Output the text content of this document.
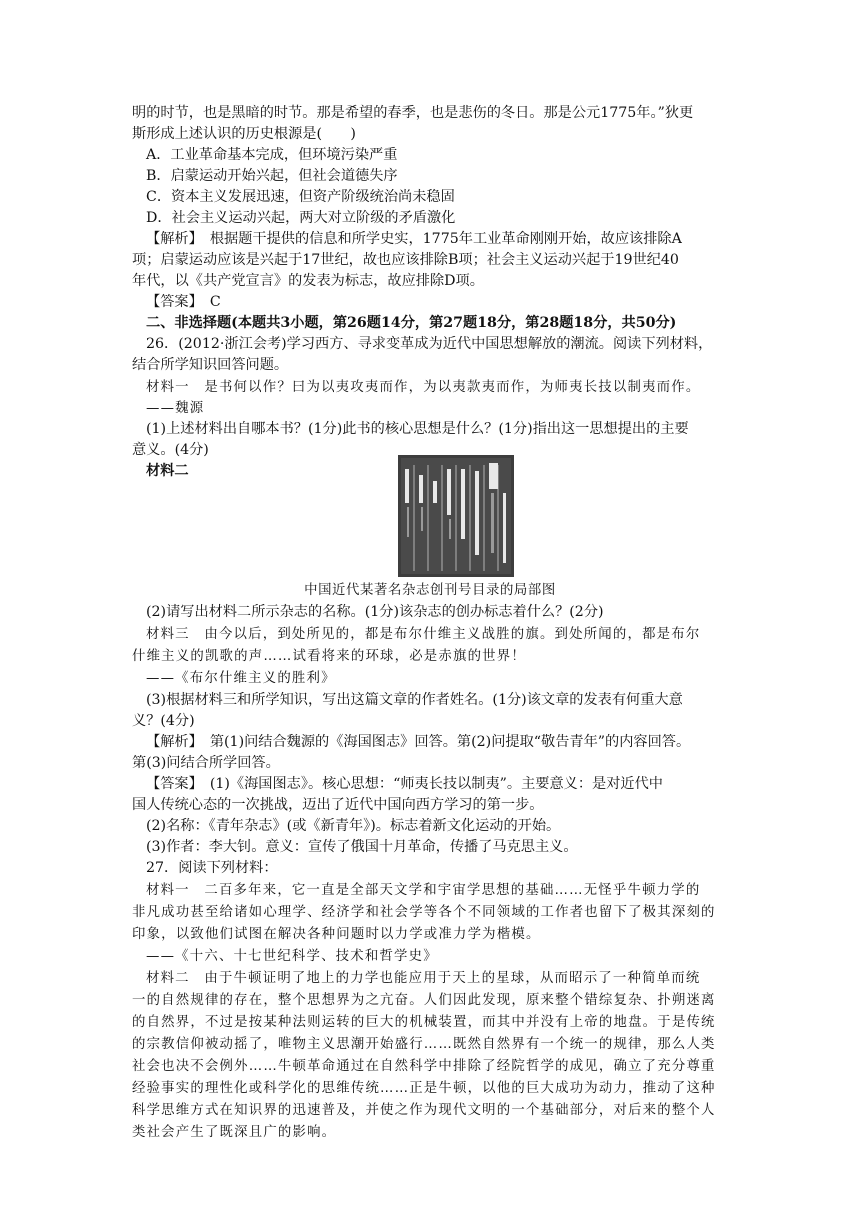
明的时节，也是黑暗的时节。那是希望的春季，也是悲伤的冬日。那是公元1775年。”狄更
斯形成上述认识的历史根源是(　　)
A．工业革命基本完成，但环境污染严重
B．启蒙运动开始兴起，但社会道德失序
C．资本主义发展迅速，但资产阶级统治尚未稳固
D．社会主义运动兴起，两大对立阶级的矛盾激化
【解析】　根据题干提供的信息和所学史实，1775年工业革命刚刚开始，故应该排除A
项；启蒙运动应该是兴起于17世纪，故也应该排除B项；社会主义运动兴起于19世纪40
年代，以《共产党宣言》的发表为标志，故应排除D项。
【答案】　C
二、非选择题(本题共3小题，第26题14分，第27题18分，第28题18分，共50分)
26．(2012·浙江会考)学习西方、寻求变革成为近代中国思想解放的潮流。阅读下列材料，
结合所学知识回答问题。
材料一　是书何以作？曰为以夷攻夷而作，为以夷款夷而作，为师夷长技以制夷而作。
——魏源
(1)上述材料出自哪本书？(1分)此书的核心思想是什么？(1分)指出这一思想提出的主要
意义。(4分)
材料二
中国近代某著名杂志创刊号目录的局部图
(2)请写出材料二所示杂志的名称。(1分)该杂志的创办标志着什么？(2分)
材料三　由今以后，到处所见的，都是布尔什维主义战胜的旗。到处所闻的，都是布尔
什维主义的凯歌的声……试看将来的环球，必是赤旗的世界！
——《布尔什维主义的胜利》
(3)根据材料三和所学知识，写出这篇文章的作者姓名。(1分)该文章的发表有何重大意
义？(4分)
【解析】　第(1)问结合魏源的《海国图志》回答。第(2)问提取“敬告青年”的内容回答。
第(3)问结合所学回答。
【答案】　(1)《海国图志》。核心思想：“师夷长技以制夷”。主要意义：是对近代中
国人传统心态的一次挑战，迈出了近代中国向西方学习的第一步。
(2)名称：《青年杂志》(或《新青年》)。标志着新文化运动的开始。
(3)作者：李大钊。意义：宣传了俄国十月革命，传播了马克思主义。
27．阅读下列材料：
材料一　二百多年来，它一直是全部天文学和宇宙学思想的基础……无怪乎牛顿力学的
非凡成功甚至给诸如心理学、经济学和社会学等各个不同领域的工作者也留下了极其深刻的
印象，以致他们试图在解决各种问题时以力学或准力学为楷模。
——《十六、十七世纪科学、技术和哲学史》
材料二　由于牛顿证明了地上的力学也能应用于天上的星球，从而昭示了一种简单而统
一的自然规律的存在，整个思想界为之亢奋。人们因此发现，原来整个错综复杂、扑朔迷离
的自然界，不过是按某种法则运转的巨大的机械装置，而其中并没有上帝的地盘。于是传统
的宗教信仰被动摇了，唯物主义思潮开始盛行……既然自然界有一个统一的规律，那么人类
社会也决不会例外……牛顿革命通过在自然科学中排除了经院哲学的成见，确立了充分尊重
经验事实的理性化或科学化的思维传统……正是牛顿，以他的巨大成功为动力，推动了这种
科学思维方式在知识界的迅速普及，并使之作为现代文明的一个基础部分，对后来的整个人
类社会产生了既深且广的影响。
